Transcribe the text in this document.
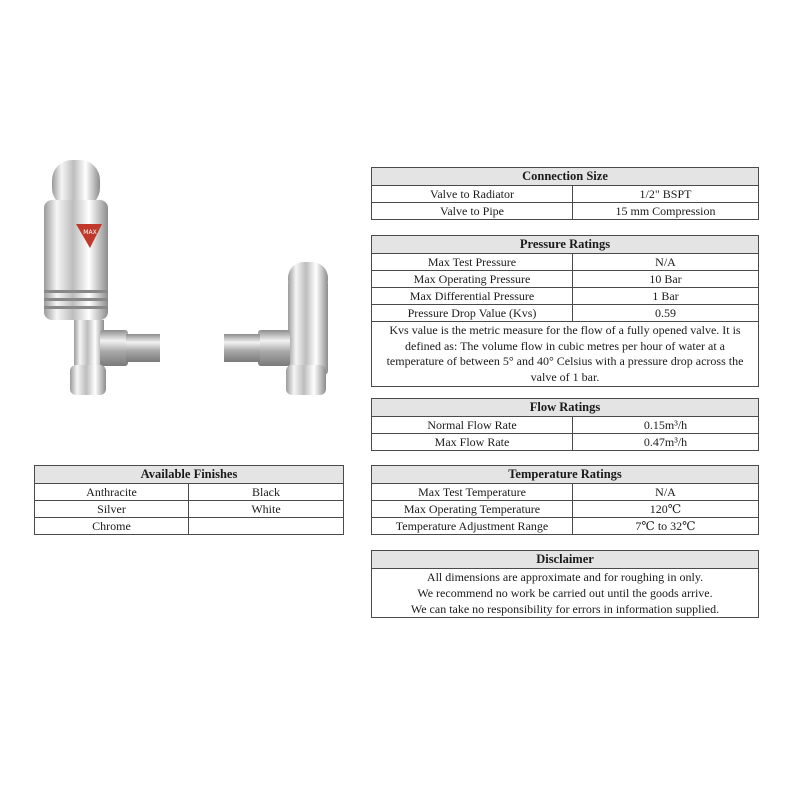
MAX
Connection Size	
Valve to Radiator	1/2" BSPT
Valve to Pipe	15 mm Compression
Pressure Ratings	
Max Test Pressure	N/A
Max Operating Pressure	10 Bar
Max Differential Pressure	1 Bar
Pressure Drop Value (Kvs)	0.59
Kvs value is the metric measure for the flow of a fully opened valve. It is defined as: The volume flow in cubic metres per hour of water at a temperature of between 5° and 40° Celsius with a pressure drop across the valve of 1 bar.	
Flow Ratings	
Normal Flow Rate	0.15m³/h
Max Flow Rate	0.47m³/h
Temperature Ratings	
Max Test Temperature	N/A
Max Operating Temperature	120℃
Temperature Adjustment Range	7℃ to 32℃
Disclaimer
All dimensions are approximate and for roughing in only.
We recommend no work be carried out until the goods arrive.
We can take no responsibility for errors in information supplied.
Available Finishes	
Anthracite	Black
Silver	White
Chrome	
